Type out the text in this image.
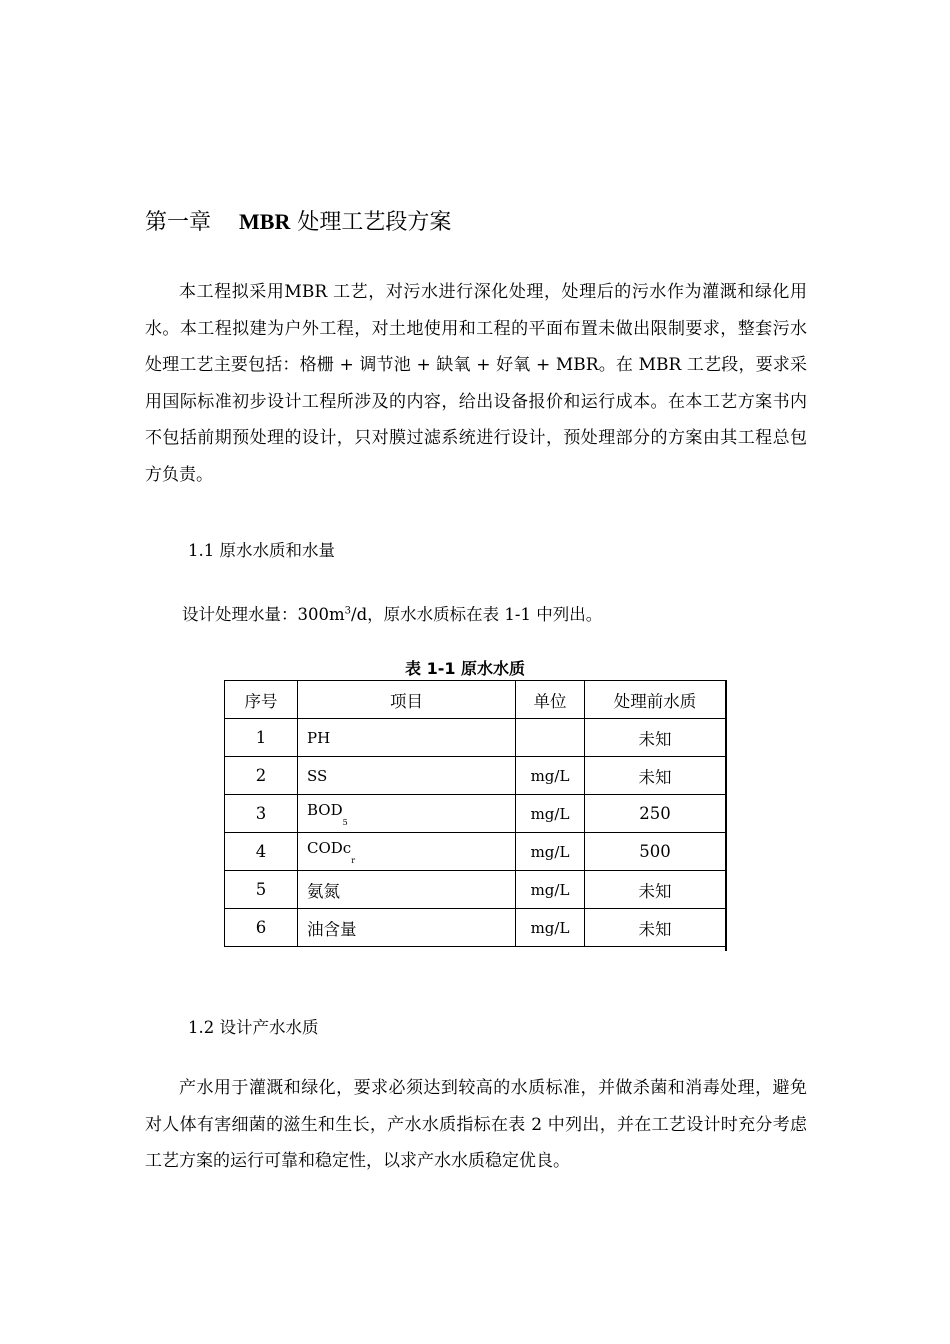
第一章 MBR 处理工艺段方案

本工程拟采用MBR 工艺，对污水进行深化处理，处理后的污水作为灌溉和绿化用水。本工程拟建为户外工程，对土地使用和工程的平面布置未做出限制要求，整套污水处理工艺主要包括：格栅 + 调节池 + 缺氧 + 好氧 + MBR。在 MBR 工艺段，要求采用国际标准初步设计工程所涉及的内容，给出设备报价和运行成本。在本工艺方案书内不包括前期预处理的设计，只对膜过滤系统进行设计，预处理部分的方案由其工程总包方负责。

1.1 原水水质和水量
设计处理水量：$300m^3/d$，原水水质标在表 1-1 中列出。
表 1-1 原水水质
序号	项目	单位	处理前水质
1	PH		未知
2	SS	mg/L	未知
3	$BOD_5$	mg/L	250
4	CODc$_r$	mg/L	500
5	氨氮	mg/L	未知
6	油含量	mg/L	未知
1.2 设计产水水质

产水用于灌溉和绿化，要求必须达到较高的水质标准，并做杀菌和消毒处理，避免对人体有害细菌的滋生和生长，产水水质指标在表 2 中列出，并在工艺设计时充分考虑工艺方案的运行可靠和稳定性，以求产水水质稳定优良。
